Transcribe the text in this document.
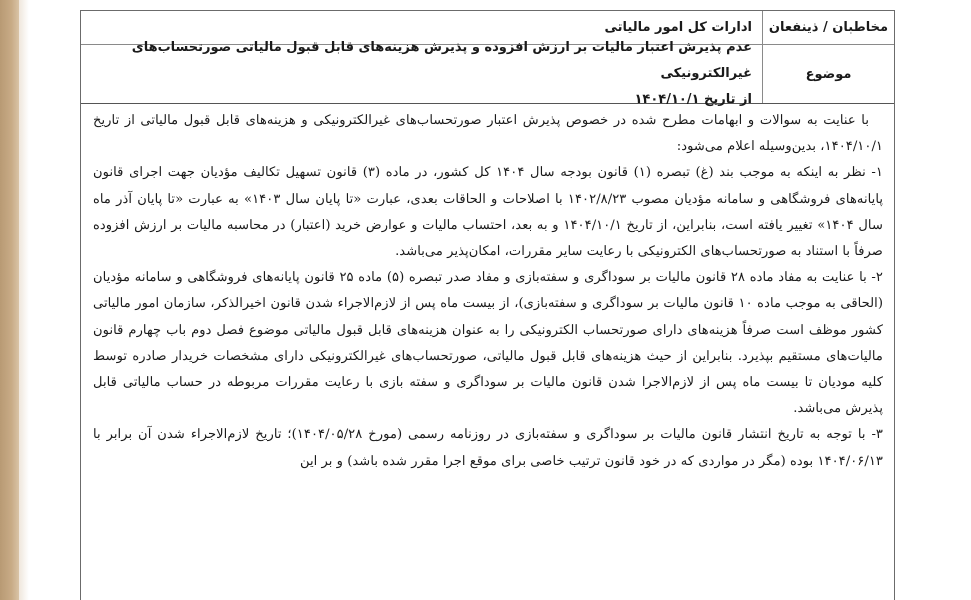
مخاطبان / ذینفعان
ادارات کل امور مالیاتی
موضوع
عدم پذیرش اعتبار مالیات بر ارزش افزوده و پذیرش هزینه‌های قابل قبول مالیاتی صورتحساب‌های غیرالکترونیکی
از تاریخ ۱۴۰۴/۱۰/۱

با عنایت به سوالات و ابهامات مطرح شده در خصوص پذیرش اعتبار صورتحساب‌های غیرالکترونیکی و هزینه‌های قابل قبول مالیاتی از تاریخ ۱۴۰۴/۱۰/۱، بدین‌وسیله اعلام می‌شود:

۱- نظر به اینکه به موجب بند (غ) تبصره (۱) قانون بودجه سال ۱۴۰۴ کل کشور، در ماده (۳) قانون تسهیل تکالیف مؤدیان جهت اجرای قانون پایانه‌های فروشگاهی و سامانه مؤدیان مصوب ۱۴۰۲/۸/۲۳ با اصلاحات و الحاقات بعدی، عبارت «تا پایان سال ۱۴۰۳» به عبارت «تا پایان آذر ماه سال ۱۴۰۴» تغییر یافته است، بنابراین، از تاریخ ۱۴۰۴/۱۰/۱ و به بعد، احتساب مالیات و عوارض خرید (اعتبار) در محاسبه مالیات بر ارزش افزوده صرفاً با استناد به صورتحساب‌های الکترونیکی با رعایت سایر مقررات، امکان‌پذیر می‌باشد.

۲- با عنایت به مفاد ماده ۲۸ قانون مالیات بر سوداگری و سفته‌بازی و مفاد صدر تبصره (۵) ماده ۲۵ قانون پایانه‌های فروشگاهی و سامانه مؤدیان (الحاقی به موجب ماده ۱۰ قانون مالیات بر سوداگری و سفته‌بازی)، از بیست ماه پس از لازم‌الاجراء شدن قانون اخیرالذکر، سازمان امور مالیاتی کشور موظف است صرفاً هزینه‌های دارای صورتحساب الکترونیکی را به عنوان هزینه‌های قابل قبول مالیاتی موضوع فصل دوم باب چهارم قانون مالیات‌های مستقیم بپذیرد. بنابراین از حیث هزینه‌های قابل قبول مالیاتی، صورتحساب‌های غیرالکترونیکی دارای مشخصات خریدار صادره توسط کلیه مودیان تا بیست ماه پس از لازم‌الاجرا شدن قانون مالیات بر سوداگری و سفته بازی با رعایت مقررات مربوطه در حساب مالیاتی قابل پذیرش می‌باشد.

۳- با توجه به تاریخ انتشار قانون مالیات بر سوداگری و سفته‌بازی در روزنامه رسمی (مورخ ۱۴۰۴/۰۵/۲۸)؛ تاریخ لازم‌الاجراء شدن آن برابر با ۱۴۰۴/۰۶/۱۳ بوده (مگر در مواردی که در خود قانون ترتیب خاصی برای موقع اجرا مقرر شده باشد) و بر این
